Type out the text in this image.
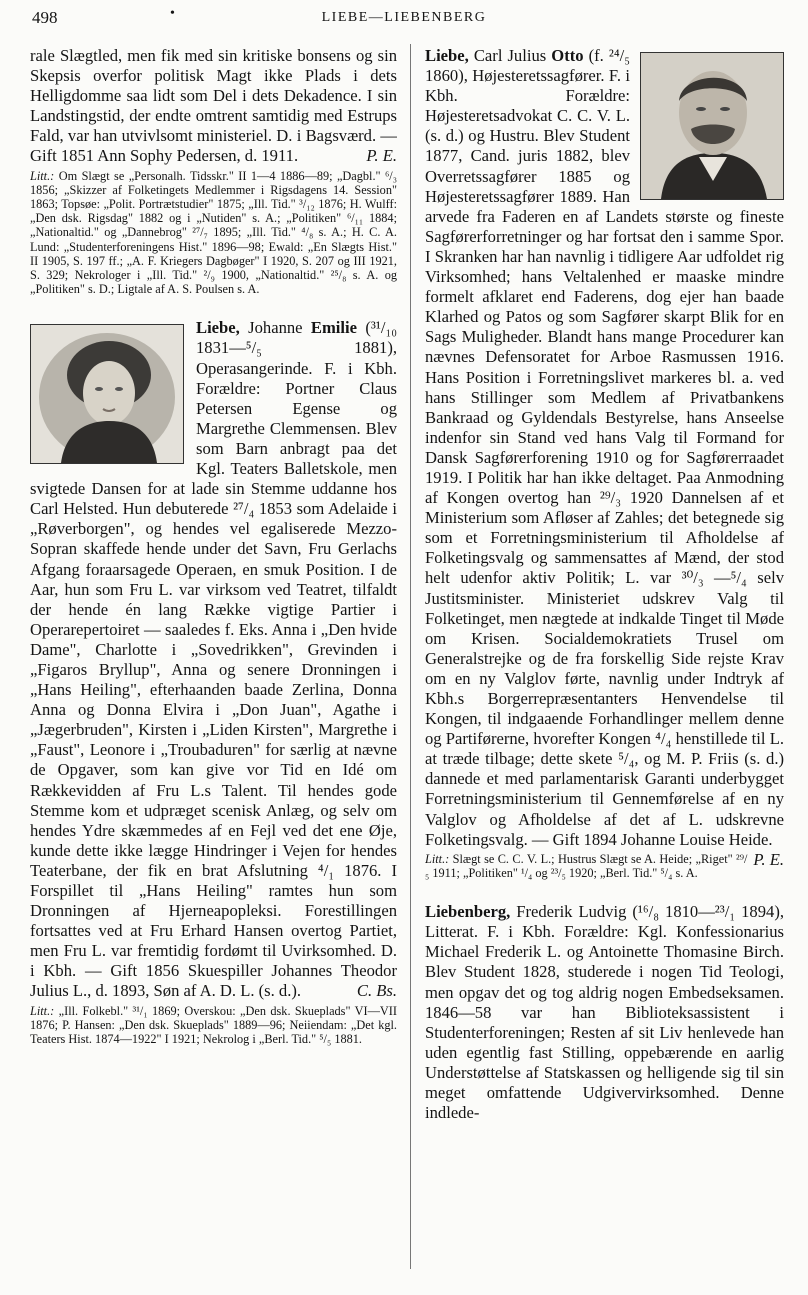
498	•	LIEBE—LIEBENBERG

rale Slægtled, men fik med sin kritiske bonsens og sin Skepsis overfor politisk Magt ikke Plads i dets Helligdomme saa lidt som Del i dets Dekadence. I sin Landstingstid, der endte omtrent samtidig med Estrups Fald, var han utvivlsomt ministeriel. D. i Bagsværd. — Gift 1851 Ann Sophy Pedersen, d. 1911.	P. E.

Litt.: Om Slægt se „Personalh. Tidsskr." II 1—4 1886—89; „Dagbl." ⁶/₃ 1856; „Skizzer af Folketingets Medlemmer i Rigsdagens 14. Session" 1863; Topsøe: „Polit. Portrætstudier" 1875; „Ill. Tid." ³/₁₂ 1876; H. Wulff: „Den dsk. Rigsdag" 1882 og i „Nutiden" s. A.; „Politiken" ⁶/₁₁ 1884; „Nationaltid." og „Dannebrog" ²⁷/₇ 1895; „Ill. Tid." ⁴/₈ s. A.; H. C. A. Lund: „Studenterforeningens Hist." 1896—98; Ewald: „En Slægts Hist." II 1905, S. 197 ff.; „A. F. Kriegers Dagbøger" I 1920, S. 207 og III 1921, S. 329; Nekrologer i „Ill. Tid." ²/₉ 1900, „Nationaltid." ²⁵/₈ s. A. og „Politiken" s. D.; Ligtale af A. S. Poulsen s. A.

Liebe, Johanne Emilie (³¹/₁₀ 1831—⁵/₅ 1881), Operasangerinde. F. i Kbh. Forældre: Portner Claus Petersen Egense og Margrethe Clemmensen. Blev som Barn anbragt paa det Kgl. Teaters Balletskole, men svigtede Dansen for at lade sin Stemme uddanne hos Carl Helsted. Hun debuterede ²⁷/₄ 1853 som Adelaide i „Røverborgen", og hendes vel egaliserede Mezzo-Sopran skaffede hende under det Savn, Fru Gerlachs Afgang foraarsagede Operaen, en smuk Position. I de Aar, hun som Fru L. var virksom ved Teatret, tilfaldt der hende én lang Række vigtige Partier i Operarepertoiret — saaledes f. Eks. Anna i „Den hvide Dame", Charlotte i „Sovedrikken", Grevinden i „Figaros Bryllup", Anna og senere Dronningen i „Hans Heiling", efterhaanden baade Zerlina, Donna Anna og Donna Elvira i „Don Juan", Agathe i „Jægerbruden", Kirsten i „Liden Kirsten", Margrethe i „Faust", Leonore i „Troubaduren" for særlig at nævne de Opgaver, som kan give vor Tid en Idé om Rækkevidden af Fru L.s Talent. Til hendes gode Stemme kom et udpræget scenisk Anlæg, og selv om hendes Ydre skæmmedes af en Fejl ved det ene Øje, kunde dette ikke lægge Hindringer i Vejen for hendes Teaterbane, der fik en brat Afslutning ⁴/₁ 1876. I Forspillet til „Hans Heiling" ramtes hun som Dronningen af Hjerneapopleksi. Forestillingen fortsattes ved at Fru Erhard Hansen overtog Partiet, men Fru L. var fremtidig fordømt til Uvirksomhed. D. i Kbh. — Gift 1856 Skuespiller Johannes Theodor Julius L., d. 1893, Søn af A. D. L. (s. d.).	C. Bs.

Litt.: „Ill. Folkebl." ³¹/₁ 1869; Overskou: „Den dsk. Skueplads" VI—VII 1876; P. Hansen: „Den dsk. Skueplads" 1889—96; Neiiendam: „Det kgl. Teaters Hist. 1874—1922" I 1921; Nekrolog i „Berl. Tid." ⁵/₅ 1881.

Liebe, Carl Julius Otto (f. ²⁴/₅ 1860), Højesteretssagfører. F. i Kbh. Forældre: Højesteretsadvokat C. C. V. L. (s. d.) og Hustru. Blev Student 1877, Cand. juris 1882, blev Overretssagfører 1885 og Højesteretssagfører 1889. Han arvede fra Faderen en af Landets største og fineste Sagførerforretninger og har fortsat den i samme Spor. I Skranken har han navnlig i tidligere Aar udfoldet rig Virksomhed; hans Veltalenhed er maaske mindre formelt afklaret end Faderens, dog ejer han baade Klarhed og Patos og som Sagfører skarpt Blik for en Sags Muligheder. Blandt hans mange Procedurer kan nævnes Defensoratet for Arboe Rasmussen 1916. Hans Position i Forretningslivet markeres bl. a. ved hans Stillinger som Medlem af Privatbankens Bankraad og Gyldendals Bestyrelse, hans Anseelse indenfor sin Stand ved hans Valg til Formand for Dansk Sagførerforening 1910 og for Sagførerraadet 1919. I Politik har han ikke deltaget. Paa Anmodning af Kongen overtog han ²⁹/₃ 1920 Dannelsen af et Ministerium som Afløser af Zahles; det betegnede sig som et Forretningsministerium til Afholdelse af Folketingsvalg og sammensattes af Mænd, der stod helt udenfor aktiv Politik; L. var ³⁰/₃ —⁵/₄ selv Justitsminister. Ministeriet udskrev Valg til Folketinget, men nægtede at indkalde Tinget til Møde om Krisen. Socialdemokratiets Trusel om Generalstrejke og de fra forskellig Side rejste Krav om en ny Valglov førte, navnlig under Indtryk af Kbh.s Borgerrepræsentanters Henvendelse til Kongen, til indgaaende Forhandlinger mellem denne og Partiførerne, hvorefter Kongen ⁴/₄ henstillede til L. at træde tilbage; dette skete ⁵/₄, og M. P. Friis (s. d.) dannede et med parlamentarisk Garanti underbygget Forretningsministerium til Gennemførelse af en ny Valglov og Afholdelse af det af L. udskrevne Folketingsvalg. — Gift 1894 Johanne Louise Heide.
P. E.

Litt.: Slægt se C. C. V. L.; Hustrus Slægt se A. Heide; „Riget" ²⁹/₅ 1911; „Politiken" ¹/₄ og ²³/₅ 1920; „Berl. Tid." ⁵/₄ s. A.

Liebenberg, Frederik Ludvig (¹⁶/₈ 1810—²³/₁ 1894), Litterat. F. i Kbh. Forældre: Kgl. Konfessionarius Michael Frederik L. og Antoinette Thomasine Birch. Blev Student 1828, studerede i nogen Tid Teologi, men opgav det og tog aldrig nogen Embedseksamen. 1846—58 var han Biblioteksassistent i Studenterforeningen; Resten af sit Liv henlevede han uden egentlig fast Stilling, oppebærende en aarlig Understøttelse af Statskassen og helligende sig til sin meget omfattende Udgivervirksomhed. Denne indlede-
